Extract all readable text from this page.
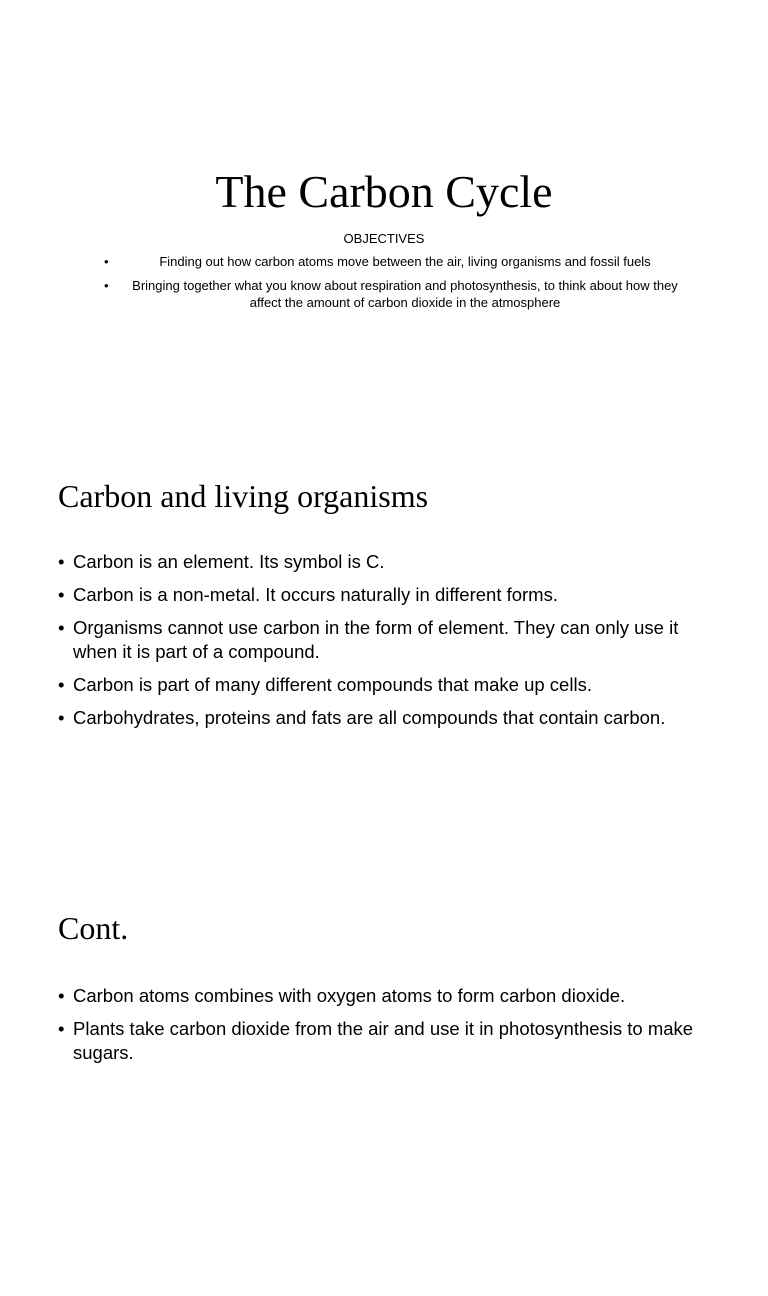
The Carbon Cycle
OBJECTIVES
•	Finding out how carbon atoms move between the air, living organisms and fossil fuels
• Bringing together what you know about respiration and photosynthesis, to think about how they affect the amount of carbon dioxide in the atmosphere
Carbon and living organisms
• Carbon is an element. Its symbol is C.
• Carbon is a non-metal. It occurs naturally in different forms.
• Organisms cannot use carbon in the form of element. They can only use it when it is part of a compound.
• Carbon is part of many different compounds that make up cells.
• Carbohydrates, proteins and fats are all compounds that contain carbon.
Cont.
• Carbon atoms combines with oxygen atoms to form carbon dioxide.
• Plants take carbon dioxide from the air and use it in photosynthesis to make sugars.
